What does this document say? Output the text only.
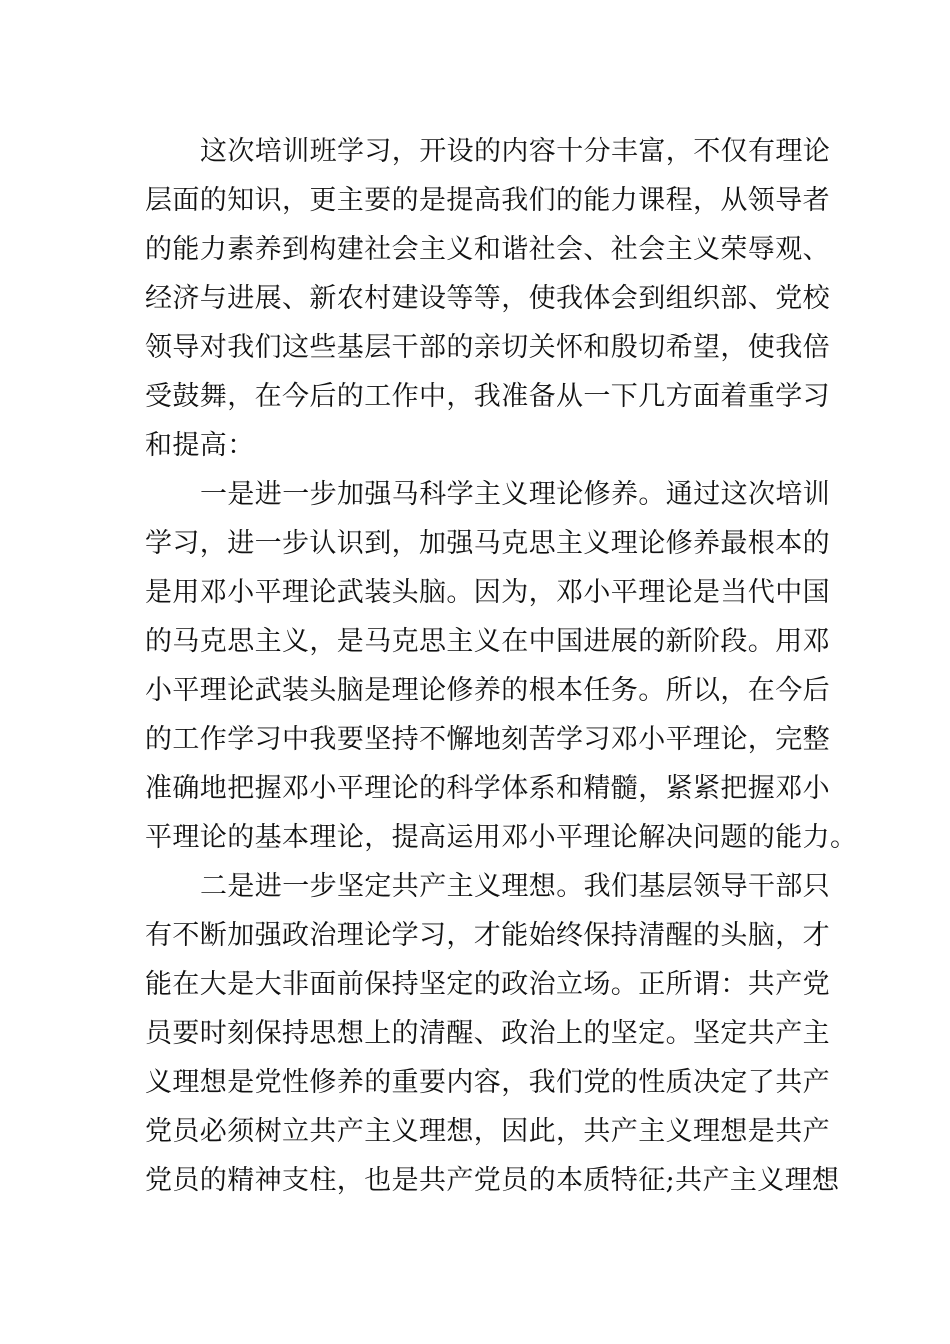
这次培训班学习，开设的内容十分丰富，不仅有理论
层面的知识，更主要的是提高我们的能力课程，从领导者
的能力素养到构建社会主义和谐社会、社会主义荣辱观、
经济与进展、新农村建设等等，使我体会到组织部、党校
领导对我们这些基层干部的亲切关怀和殷切希望，使我倍
受鼓舞，在今后的工作中，我准备从一下几方面着重学习
和提高：
一是进一步加强马科学主义理论修养。通过这次培训
学习，进一步认识到，加强马克思主义理论修养最根本的
是用邓小平理论武装头脑。因为，邓小平理论是当代中国
的马克思主义，是马克思主义在中国进展的新阶段。用邓
小平理论武装头脑是理论修养的根本任务。所以，在今后
的工作学习中我要坚持不懈地刻苦学习邓小平理论，完整
准确地把握邓小平理论的科学体系和精髓，紧紧把握邓小
平理论的基本理论，提高运用邓小平理论解决问题的能力。
二是进一步坚定共产主义理想。我们基层领导干部只
有不断加强政治理论学习，才能始终保持清醒的头脑，才
能在大是大非面前保持坚定的政治立场。正所谓：共产党
员要时刻保持思想上的清醒、政治上的坚定。坚定共产主
义理想是党性修养的重要内容，我们党的性质决定了共产
党员必须树立共产主义理想，因此，共产主义理想是共产
党员的精神支柱，也是共产党员的本质特征;共产主义理想
